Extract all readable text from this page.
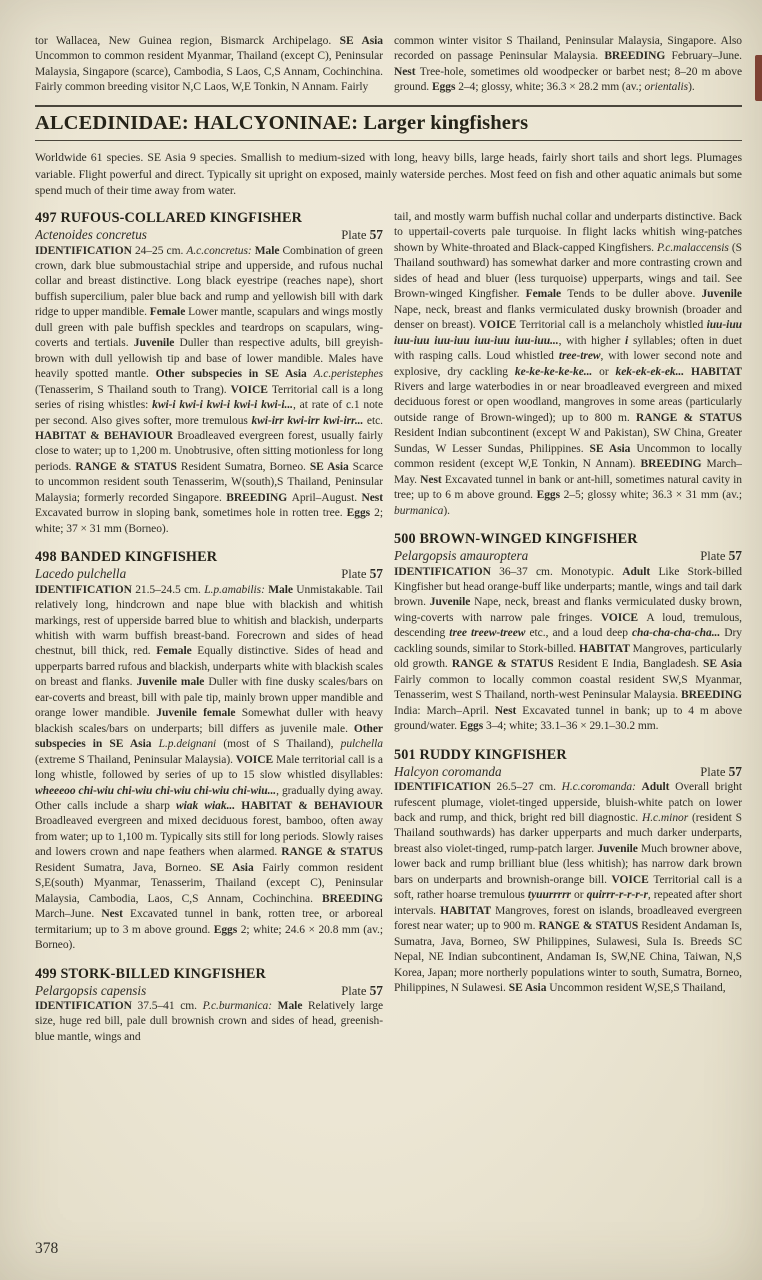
tor Wallacea, New Guinea region, Bismarck Archipelago. SE Asia Uncommon to common resident Myanmar, Thailand (except C), Peninsular Malaysia, Singapore (scarce), Cambodia, S Laos, C,S Annam, Cochinchina. Fairly common breeding visitor N,C Laos, W,E Tonkin, N Annam. Fairly

common winter visitor S Thailand, Peninsular Malaysia, Singapore. Also recorded on passage Peninsular Malaysia. BREEDING February–June. Nest Tree-hole, sometimes old woodpecker or barbet nest; 8–20 m above ground. Eggs 2–4; glossy, white; 36.3 × 28.2 mm (av.; orientalis).

ALCEDINIDAE: HALCYONINAE: Larger kingfishers

Worldwide 61 species. SE Asia 9 species. Smallish to medium-sized with long, heavy bills, large heads, fairly short tails and short legs. Plumages variable. Flight powerful and direct. Typically sit upright on exposed, mainly waterside perches. Most feed on fish and other aquatic animals but some spend much of their time away from water.

497 RUFOUS-COLLARED KINGFISHER
Actenoides concretus	Plate 57

IDENTIFICATION 24–25 cm. A.c.concretus: Male Combination of green crown, dark blue submoustachial stripe and upperside, and rufous nuchal collar and breast distinctive. Long black eyestripe (reaches nape), short buffish supercilium, paler blue back and rump and yellowish bill with dark ridge to upper mandible. Female Lower mantle, scapulars and wings mostly dull green with pale buffish speckles and teardrops on scapulars, wing-coverts and tertials. Juvenile Duller than respective adults, bill greyish-brown with dull yellowish tip and base of lower mandible. Males have heavily spotted mantle. Other subspecies in SE Asia A.c.peristephes (Tenasserim, S Thailand south to Trang). VOICE Territorial call is a long series of rising whistles: kwi-i kwi-i kwi-i kwi-i kwi-i..., at rate of c.1 note per second. Also gives softer, more tremulous kwi-irr kwi-irr kwi-irr... etc. HABITAT & BEHAVIOUR Broadleaved evergreen forest, usually fairly close to water; up to 1,200 m. Unobtrusive, often sitting motionless for long periods. RANGE & STATUS Resident Sumatra, Borneo. SE Asia Scarce to uncommon resident south Tenasserim, W(south),S Thailand, Peninsular Malaysia; formerly recorded Singapore. BREEDING April–August. Nest Excavated burrow in sloping bank, sometimes hole in rotten tree. Eggs 2; white; 37 × 31 mm (Borneo).

498 BANDED KINGFISHER
Lacedo pulchella	Plate 57

IDENTIFICATION 21.5–24.5 cm. L.p.amabilis: Male Unmistakable. Tail relatively long, hindcrown and nape blue with blackish and whitish markings, rest of upperside barred blue to whitish and blackish, underparts whitish with warm buffish breast-band. Forecrown and sides of head chestnut, bill thick, red. Female Equally distinctive. Sides of head and upperparts barred rufous and blackish, underparts white with blackish scales on breast and flanks. Juvenile male Duller with fine dusky scales/bars on ear-coverts and breast, bill with pale tip, mainly brown upper mandible and orange lower mandible. Juvenile female Somewhat duller with heavy blackish scales/bars on underparts; bill differs as juvenile male. Other subspecies in SE Asia L.p.deignani (most of S Thailand), pulchella (extreme S Thailand, Peninsular Malaysia). VOICE Male territorial call is a long whistle, followed by series of up to 15 slow whistled disyllables: wheeeoo chi-wiu chi-wiu chi-wiu chi-wiu chi-wiu..., gradually dying away. Other calls include a sharp wiak wiak... HABITAT & BEHAVIOUR Broadleaved evergreen and mixed deciduous forest, bamboo, often away from water; up to 1,100 m. Typically sits still for long periods. Slowly raises and lowers crown and nape feathers when alarmed. RANGE & STATUS Resident Sumatra, Java, Borneo. SE Asia Fairly common resident S,E(south) Myanmar, Tenasserim, Thailand (except C), Peninsular Malaysia, Cambodia, Laos, C,S Annam, Cochinchina. BREEDING March–June. Nest Excavated tunnel in bank, rotten tree, or arboreal termitarium; up to 3 m above ground. Eggs 2; white; 24.6 × 20.8 mm (av.; Borneo).

499 STORK-BILLED KINGFISHER
Pelargopsis capensis	Plate 57

IDENTIFICATION 37.5–41 cm. P.c.burmanica: Male Relatively large size, huge red bill, pale dull brownish crown and sides of head, greenish-blue mantle, wings and

tail, and mostly warm buffish nuchal collar and underparts distinctive. Back to uppertail-coverts pale turquoise. In flight lacks whitish wing-patches shown by White-throated and Black-capped Kingfishers. P.c.malaccensis (S Thailand southward) has somewhat darker and more contrasting crown and sides of head and bluer (less turquoise) upperparts, wings and tail. See Brown-winged Kingfisher. Female Tends to be duller above. Juvenile Nape, neck, breast and flanks vermiculated dusky brownish (broader and denser on breast). VOICE Territorial call is a melancholy whistled iuu-iuu iuu-iuu iuu-iuu iuu-iuu iuu-iuu..., with higher i syllables; often in duet with rasping calls. Loud whistled tree-trew, with lower second note and explosive, dry cackling ke-ke-ke-ke-ke... or kek-ek-ek-ek... HABITAT Rivers and large waterbodies in or near broadleaved evergreen and mixed deciduous forest or open woodland, mangroves in some areas (particularly outside range of Brown-winged); up to 800 m. RANGE & STATUS Resident Indian subcontinent (except W and Pakistan), SW China, Greater Sundas, W Lesser Sundas, Philippines. SE Asia Uncommon to locally common resident (except W,E Tonkin, N Annam). BREEDING March–May. Nest Excavated tunnel in bank or ant-hill, sometimes natural cavity in tree; up to 6 m above ground. Eggs 2–5; glossy white; 36.3 × 31 mm (av.; burmanica).

500 BROWN-WINGED KINGFISHER
Pelargopsis amauroptera	Plate 57

IDENTIFICATION 36–37 cm. Monotypic. Adult Like Stork-billed Kingfisher but head orange-buff like underparts; mantle, wings and tail dark brown. Juvenile Nape, neck, breast and flanks vermiculated dusky brown, wing-coverts with narrow pale fringes. VOICE A loud, tremulous, descending tree treew-treew etc., and a loud deep cha-cha-cha-cha... Dry cackling sounds, similar to Stork-billed. HABITAT Mangroves, particularly old growth. RANGE & STATUS Resident E India, Bangladesh. SE Asia Fairly common to locally common coastal resident SW,S Myanmar, Tenasserim, west S Thailand, north-west Peninsular Malaysia. BREEDING India: March–April. Nest Excavated tunnel in bank; up to 4 m above ground/water. Eggs 3–4; white; 33.1–36 × 29.1–30.2 mm.

501 RUDDY KINGFISHER
Halcyon coromanda	Plate 57

IDENTIFICATION 26.5–27 cm. H.c.coromanda: Adult Overall bright rufescent plumage, violet-tinged upperside, bluish-white patch on lower back and rump, and thick, bright red bill diagnostic. H.c.minor (resident S Thailand southwards) has darker upperparts and much darker underparts, breast also violet-tinged, rump-patch larger. Juvenile Much browner above, lower back and rump brilliant blue (less whitish); has narrow dark brown bars on underparts and brownish-orange bill. VOICE Territorial call is a soft, rather hoarse tremulous tyuurrrrr or quirrr-r-r-r-r, repeated after short intervals. HABITAT Mangroves, forest on islands, broadleaved evergreen forest near water; up to 900 m. RANGE & STATUS Resident Andaman Is, Sumatra, Java, Borneo, SW Philippines, Sulawesi, Sula Is. Breeds SC Nepal, NE Indian subcontinent, Andaman Is, SW,NE China, Taiwan, N,S Korea, Japan; more northerly populations winter to south, Sumatra, Borneo, Philippines, N Sulawesi. SE Asia Uncommon resident W,SE,S Thailand,

378
